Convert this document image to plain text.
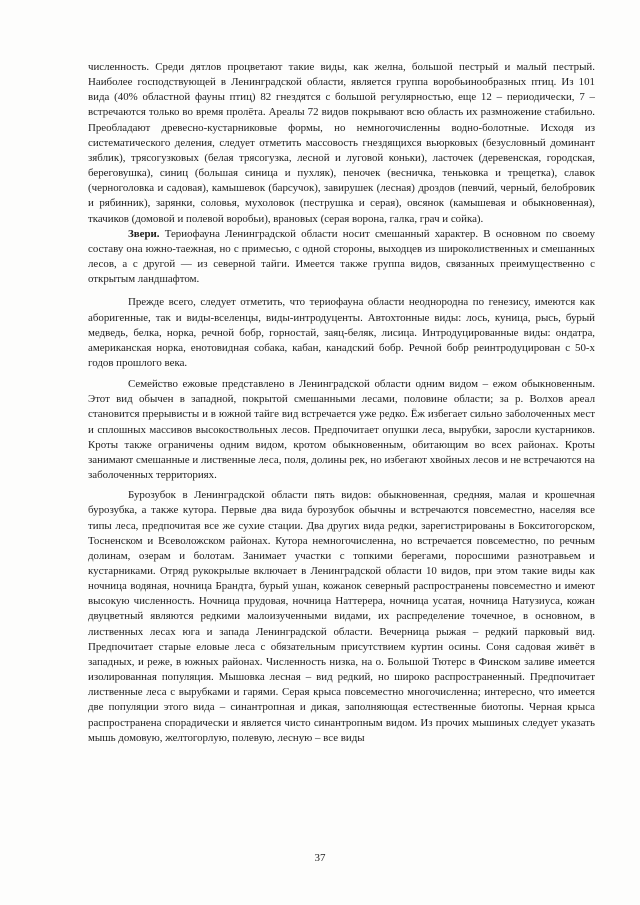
численность. Среди дятлов процветают такие виды, как желна, большой пестрый и малый пестрый. Наиболее господствующей в Ленинградской области, является группа воробьинообразных птиц. Из 101 вида (40% областной фауны птиц) 82 гнездятся с большой регулярностью, еще 12 – периодически, 7 – встречаются только во время пролёта. Ареалы 72 видов покрывают всю область их размножение стабильно. Преобладают древесно-кустарниковые формы, но немногочисленны водно-болотные. Исходя из систематического деления, следует отметить массовость гнездящихся вьюрковых (безусловный доминант зяблик), трясогузковых (белая трясогузка, лесной и луговой коньки), ласточек (деревенская, городская, береговушка), синиц (большая синица и пухляк), пеночек (весничка, теньковка и трещетка), славок (черноголовка и садовая), камышевок (барсучок), завирушек (лесная) дроздов (певчий, черный, белобровик и рябинник), зарянки, соловья, мухоловок (пеструшка и серая), овсянок (камышевая и обыкновенная), ткачиков (домовой и полевой воробьи), врановых (серая ворона, галка, грач и сойка).

Звери. Териофауна Ленинградской области носит смешанный характер. В основном по своему составу она южно-таежная, но с примесью, с одной стороны, выходцев из широколиственных и смешанных лесов, а с другой — из северной тайги. Имеется также группа видов, связанных преимущественно с открытым ландшафтом.

Прежде всего, следует отметить, что териофауна области неоднородна по генезису, имеются как аборигенные, так и виды-вселенцы, виды-интродуценты. Автохтонные виды: лось, куница, рысь, бурый медведь, белка, норка, речной бобр, горностай, заяц-беляк, лисица. Интродуцированные виды: ондатра, американская норка, енотовидная собака, кабан, канадский бобр. Речной бобр реинтродуцирован с 50-х годов прошлого века.

Семейство ежовые представлено в Ленинградской области одним видом – ежом обыкновенным. Этот вид обычен в западной, покрытой смешанными лесами, половине области; за р. Волхов ареал становится прерывисты и в южной тайге вид встречается уже редко. Ёж избегает сильно заболоченных мест и сплошных массивов высокоствольных лесов. Предпочитает опушки леса, вырубки, заросли кустарников. Кроты также ограничены одним видом, кротом обыкновенным, обитающим во всех районах. Кроты занимают смешанные и лиственные леса, поля, долины рек, но избегают хвойных лесов и не встречаются на заболоченных территориях.

Бурозубок в Ленинградской области пять видов: обыкновенная, средняя, малая и крошечная бурозубка, а также кутора. Первые два вида бурозубок обычны и встречаются повсеместно, населяя все типы леса, предпочитая все же сухие стации. Два других вида редки, зарегистрированы в Бокситогорском, Тосненском и Всеволожском районах. Кутора немногочисленна, но встречается повсеместно, по речным долинам, озерам и болотам. Занимает участки с топкими берегами, поросшими разнотравьем и кустарниками. Отряд рукокрылые включает в Ленинградской области 10 видов, при этом такие виды как ночница водяная, ночница Брандта, бурый ушан, кожанок северный распространены повсеместно и имеют высокую численность. Ночница прудовая, ночница Наттерера, ночница усатая, ночница Натузиуса, кожан двуцветный являются редкими малоизученными видами, их распределение точечное, в основном, в лиственных лесах юга и запада Ленинградской области. Вечерница рыжая – редкий парковый вид. Предпочитает старые еловые леса с обязательным присутствием куртин осины. Соня садовая живёт в западных, и реже, в южных районах. Численность низка, на о. Большой Тютерс в Финском заливе имеется изолированная популяция. Мышовка лесная – вид редкий, но широко распространенный. Предпочитает лиственные леса с вырубками и гарями. Серая крыса повсеместно многочисленна; интересно, что имеется две популяции этого вида – синантропная и дикая, заполняющая естественные биотопы. Черная крыса распространена спорадически и является чисто синантропным видом. Из прочих мышиных следует указать мышь домовую, желтогорлую, полевую, лесную – все виды

37
